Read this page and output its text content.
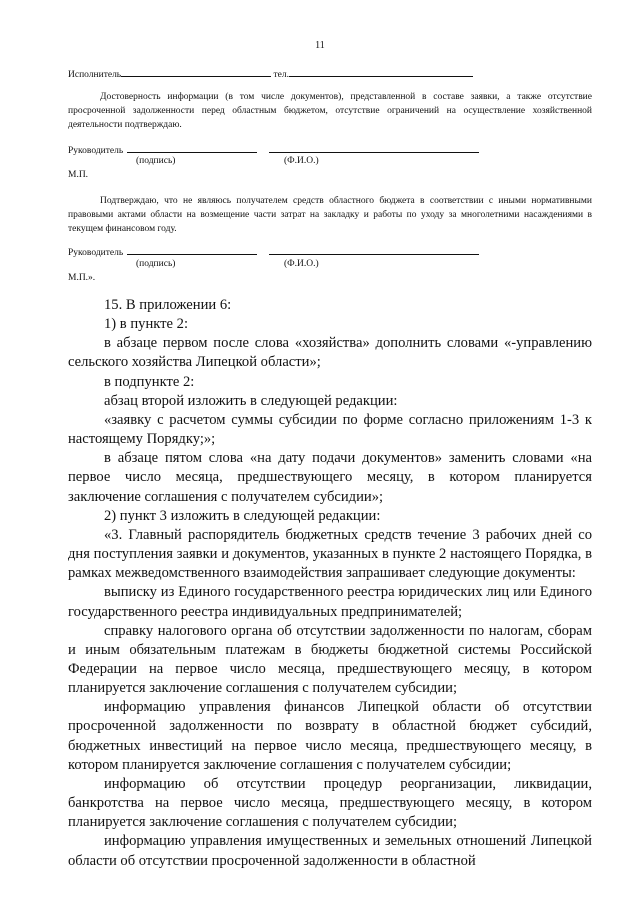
11
Исполнитель	тел.
Достоверность информации (в том числе документов), представленной в составе заявки, а также отсутствие просроченной задолженности перед областным бюджетом, отсутствие ограничений на осуществление хозяйственной деятельности подтверждаю.
Руководитель
(подпись)	(Ф.И.О.)
М.П.
Подтверждаю, что не являюсь получателем средств областного бюджета в соответствии с иными нормативными правовыми актами области на возмещение части затрат на закладку и работы по уходу за многолетними насаждениями в текущем финансовом году.
Руководитель
(подпись)	(Ф.И.О.)
М.П.».

15. В приложении 6:

1) в пункте 2:

в абзаце первом после слова «хозяйства» дополнить словами «-управлению сельского хозяйства Липецкой области»;

в подпункте 2:

абзац второй изложить в следующей редакции:

«заявку с расчетом суммы субсидии по форме согласно приложениям 1-3 к настоящему Порядку;»;

в абзаце пятом слова «на дату подачи документов» заменить словами «на первое число месяца, предшествующего месяцу, в котором планируется заключение соглашения с получателем субсидии»;

2) пункт 3 изложить в следующей редакции:

«3. Главный распорядитель бюджетных средств течение 3 рабочих дней со дня поступления заявки и документов, указанных в пункте 2 настоящего Порядка, в рамках межведомственного взаимодействия запрашивает следующие документы:

выписку из Единого государственного реестра юридических лиц или Единого государственного реестра индивидуальных предпринимателей;

справку налогового органа об отсутствии задолженности по налогам, сборам и иным обязательным платежам в бюджеты бюджетной системы Российской Федерации на первое число месяца, предшествующего месяцу, в котором планируется заключение соглашения с получателем субсидии;

информацию управления финансов Липецкой области об отсутствии просроченной задолженности по возврату в областной бюджет субсидий, бюджетных инвестиций на первое число месяца, предшествующего месяцу, в котором планируется заключение соглашения с получателем субсидии;

информацию об отсутствии процедур реорганизации, ликвидации, банкротства на первое число месяца, предшествующего месяцу, в котором планируется заключение соглашения с получателем субсидии;

информацию управления имущественных и земельных отношений Липецкой области об отсутствии просроченной задолженности в областной
